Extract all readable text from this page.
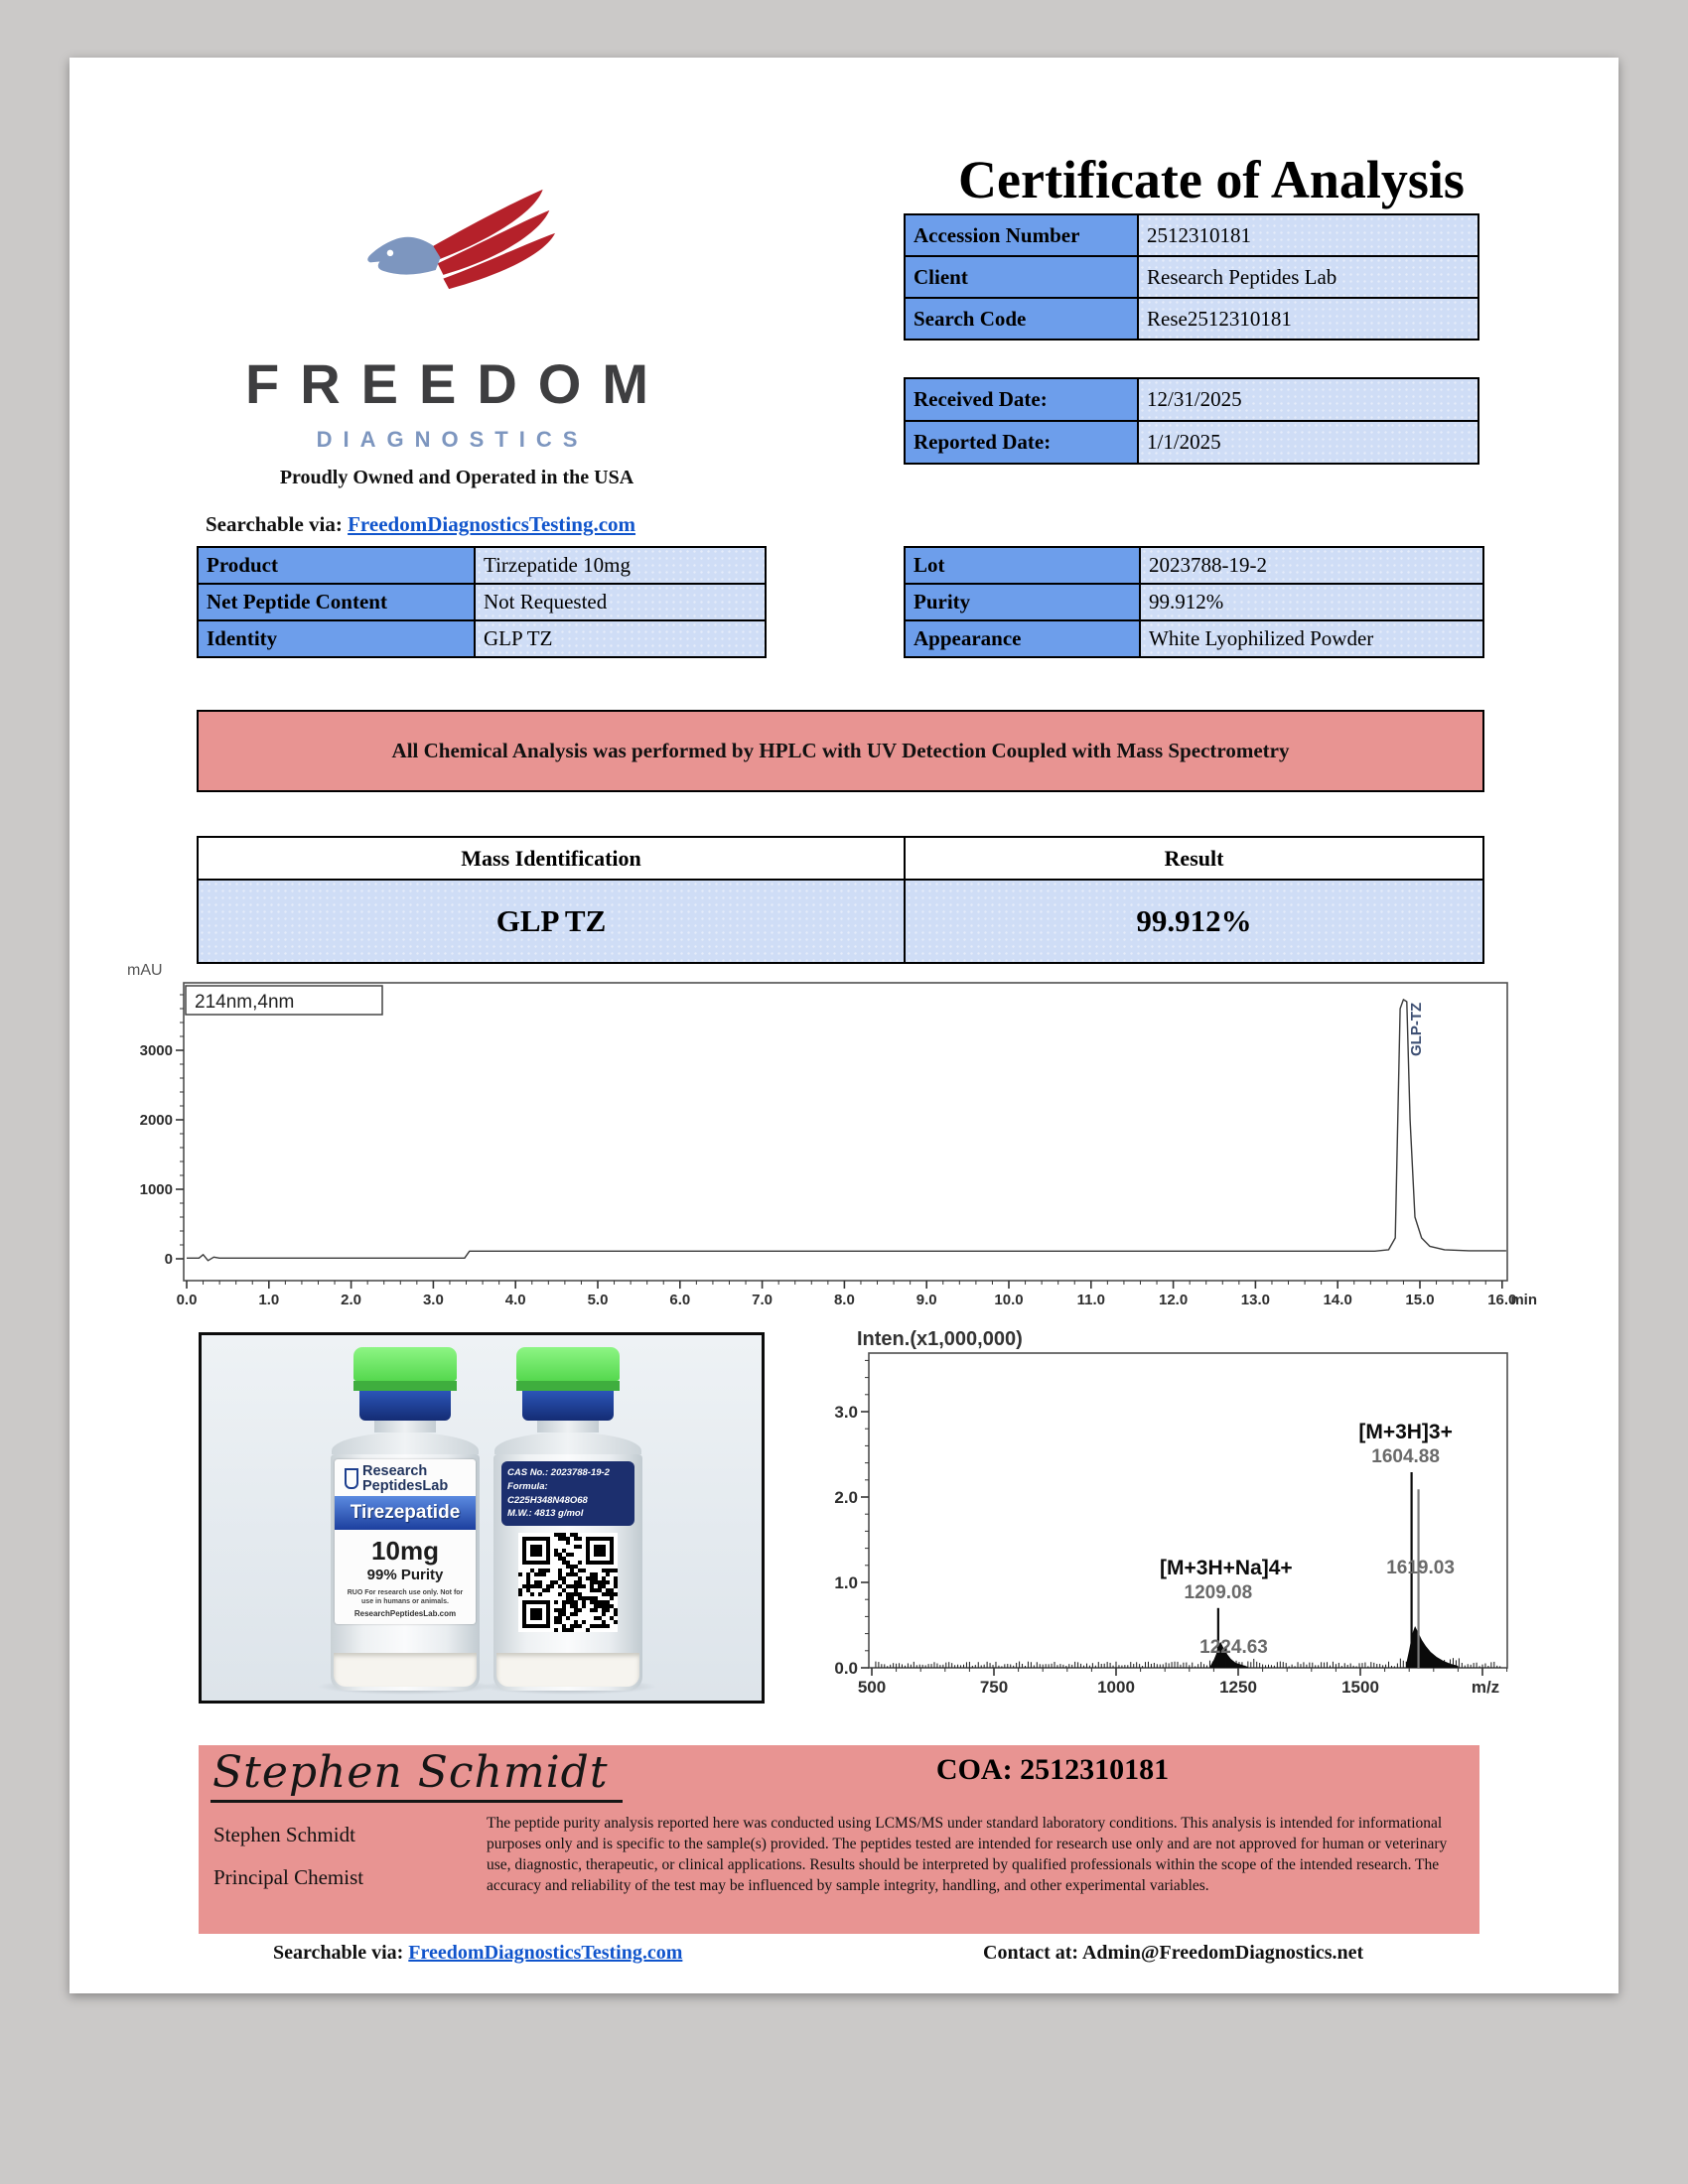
FREEDOM
DIAGNOSTICS
Proudly Owned and Operated in the USA
Searchable via: FreedomDiagnosticsTesting.com
Certificate of Analysis
Accession Number	2512310181
Client	Research Peptides Lab
Search Code	Rese2512310181
Received Date:	12/31/2025
Reported Date:	1/1/2025
Product	Tirzepatide 10mg
Net Peptide Content	Not Requested
Identity	GLP TZ
Lot	2023788-19-2
Purity	99.912%
Appearance	White Lyophilized Powder
All Chemical Analysis was performed by HPLC with UV Detection Coupled with Mass Spectrometry
Mass Identification	Result
GLP TZ	99.912%
0
1000
2000
3000
0.0	1.0	2.0	3.0	4.0	5.0	6.0	7.0	8.0	9.0	10.0	11.0	12.0	13.0	14.0	15.0	16.0
min
mAU
214nm,4nm
GLP-TZ
Research
PeptidesLab
Tirezepatide
10mg
99% Purity
RUO For research use only. Not for
use in humans or animals.
ResearchPeptidesLab.com
CAS No.: 2023788-19-2
Formula: C225H348N48O68
M.W.: 4813 g/mol
Inten.(x1,000,000)
0.0
1.0
2.0
3.0
500	750	1000	1250	1500	m/z
1209.08
[M+3H+Na]4+
1224.63
1604.88
[M+3H]3+
1619.03
Stephen Schmidt	COA: 2512310181
Stephen Schmidt
Principal Chemist
The peptide purity analysis reported here was conducted using LCMS/MS under standard laboratory conditions. This analysis is intended for informational purposes only and is specific to the sample(s) provided. The peptides tested are intended for research use only and are not approved for human or veterinary use, diagnostic, therapeutic, or clinical applications. Results should be interpreted by qualified professionals within the scope of the intended research. The accuracy and reliability of the test may be influenced by sample integrity, handling, and other experimental variables.
Searchable via: FreedomDiagnosticsTesting.com	Contact at: Admin@FreedomDiagnostics.net
